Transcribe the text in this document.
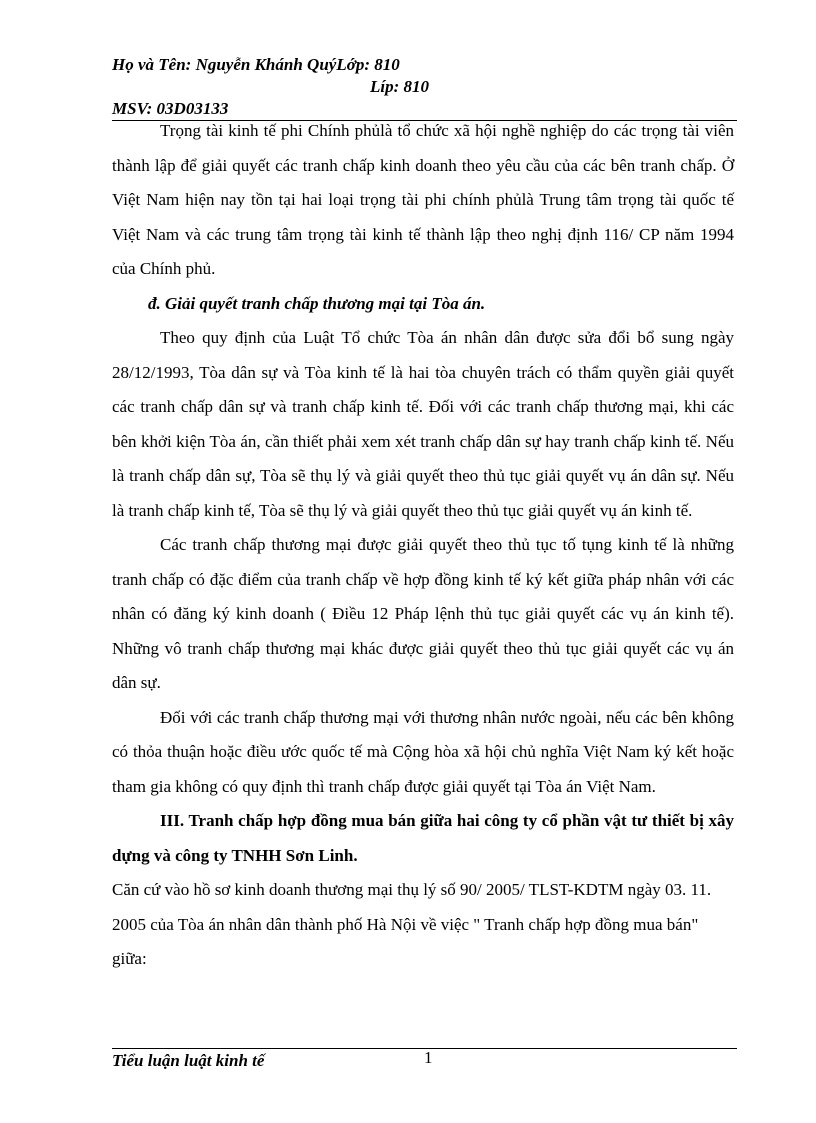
Họ và Tên: Nguyễn Khánh QuýLớp: 810
Líp: 810
MSV: 03D03133

Trọng tài kinh tế phi Chính phủlà tổ chức xã hội nghề nghiệp do các trọng tài viên thành lập để giải quyết các tranh chấp kinh doanh theo yêu cầu của các bên tranh chấp. Ở Việt Nam hiện nay tồn tại hai loại trọng tài phi chính phủlà Trung tâm trọng tài quốc tế Việt Nam và các trung tâm trọng tài kinh tế thành lập theo nghị định 116/ CP năm 1994 của Chính phủ.

đ. Giải quyết tranh chấp thương mại tại Tòa án.

Theo quy định của Luật Tổ chức Tòa án nhân dân được sửa đổi bổ sung ngày 28/12/1993, Tòa dân sự và Tòa kinh tế là hai tòa chuyên trách có thẩm quyền giải quyết các tranh chấp dân sự và tranh chấp kinh tế. Đối với các tranh chấp thương mại, khi các bên khởi kiện Tòa án, cần thiết phải xem xét tranh chấp dân sự hay tranh chấp kinh tế. Nếu là tranh chấp dân sự, Tòa sẽ thụ lý và giải quyết theo thủ tục giải quyết vụ án dân sự. Nếu là tranh chấp kinh tế, Tòa sẽ thụ lý và giải quyết theo thủ tục giải quyết vụ án kinh tế.

Các tranh chấp thương mại được giải quyết theo thủ tục tố tụng kinh tế là những tranh chấp có đặc điểm của tranh chấp về hợp đồng kinh tế ký kết giữa pháp nhân với các nhân có đăng ký kinh doanh ( Điều 12 Pháp lệnh thủ tục giải quyết các vụ án kinh tế). Những vô tranh chấp thương mại khác được giải quyết theo thủ tục giải quyết các vụ án dân sự.

Đối với các tranh chấp thương mại với thương nhân nước ngoài, nếu các bên không có thỏa thuận hoặc điều ước quốc tế mà Cộng hòa xã hội chủ nghĩa Việt Nam ký kết hoặc tham gia không có quy định thì tranh chấp được giải quyết tại Tòa án Việt Nam.

III. Tranh chấp hợp đồng mua bán giữa hai công ty cổ phần vật tư thiết bị xây dựng và công ty TNHH Sơn Linh.

Căn cứ vào hồ sơ kinh doanh thương mại thụ lý số 90/ 2005/ TLST-KDTM ngày 03. 11. 2005 của Tòa án nhân dân thành phố Hà Nội về việc " Tranh chấp hợp đồng mua bán" giữa:

Tiểu luận luật kinh tế	1
